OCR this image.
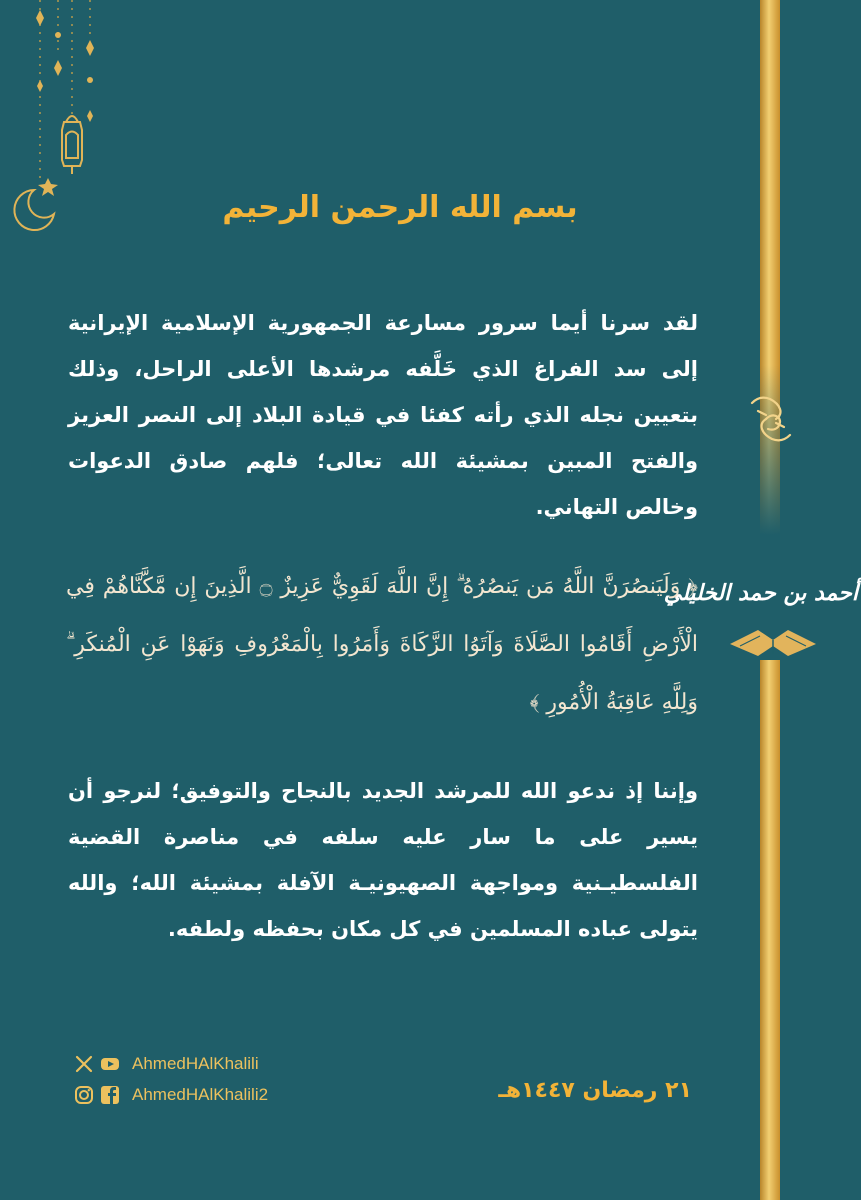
أحمد بن حمد الخليلي
بسم الله الرحمن الرحيم

لقد سرنا أيما سرور مسارعة الجمهورية الإسلامية الإيرانية إلى سد الفراغ الذي خَلَّفه مرشدها الأعلى الراحل، وذلك بتعيين نجله الذي رأته كفئا في قيادة البلاد إلى النصر العزيز والفتح المبين بمشيئة الله تعالى؛ فلهم صادق الدعوات وخالص التهاني.

﴿ وَلَيَنصُرَنَّ اللَّهُ مَن يَنصُرُهُ ۗ إِنَّ اللَّهَ لَقَوِيٌّ عَزِيزٌ ۝ الَّذِينَ إِن مَّكَّنَّاهُمْ فِي الْأَرْضِ أَقَامُوا الصَّلَاةَ وَآتَوُا الزَّكَاةَ وَأَمَرُوا بِالْمَعْرُوفِ وَنَهَوْا عَنِ الْمُنكَرِ ۗ وَلِلَّهِ عَاقِبَةُ الْأُمُورِ ﴾

وإننا إذ ندعو الله للمرشد الجديد بالنجاح والتوفيق؛ لنرجو أن يسير على ما سار عليه سلفه في مناصرة القضية الفلسطيـنية ومواجهة الصهيونيـة الآفلة بمشيئة الله؛ والله يتولى عباده المسلمين في كل مكان بحفظه ولطفه.

AhmedHAlKhalili
AhmedHAlKhalili2	٢١ رمضان ١٤٤٧هـ
